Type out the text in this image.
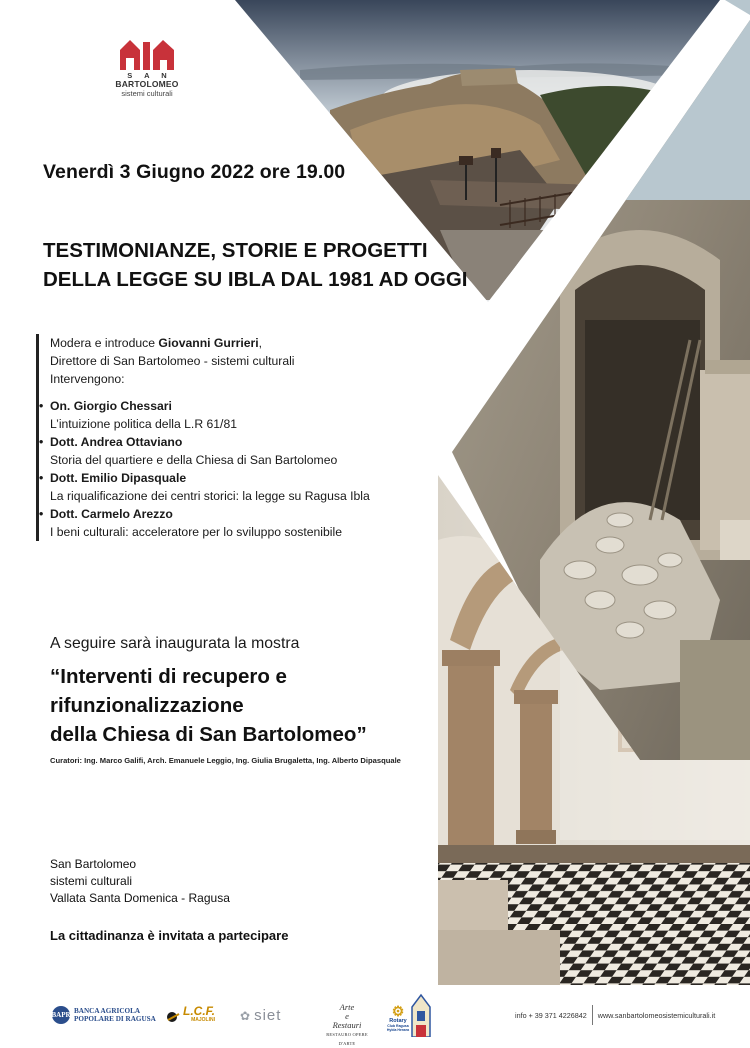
S A N
BARTOLOMEO
sistemi culturali
Venerdì 3 Giugno 2022 ore 19.00
TESTIMONIANZE, STORIE E PROGETTI
DELLA LEGGE SU IBLA DAL 1981 AD OGGI
Modera e introduce Giovanni Gurrieri,
Direttore di San Bartolomeo - sistemi culturali
Intervengono:
• On. Giorgio Chessari
L’intuizione politica della L.R 61/81
• Dott. Andrea Ottaviano
Storia del quartiere e della Chiesa di San Bartolomeo
• Dott. Emilio Dipasquale
La riqualificazione dei centri storici: la legge su Ragusa Ibla
• Dott. Carmelo Arezzo
I beni culturali: acceleratore per lo sviluppo sostenibile
A seguire sarà inaugurata la mostra
“Interventi di recupero e
rifunzionalizzazione
della Chiesa di San Bartolomeo”
Curatori: Ing. Marco Galifi, Arch. Emanuele Leggio, Ing. Giulia Brugaletta, Ing. Alberto Dipasquale
San Bartolomeo
sistemi culturali
Vallata Santa Domenica - Ragusa
La cittadinanza è invitata a partecipare
BAPR BANCA AGRICOLA
POPOLARE DI RAGUSA
L.C.F.
MAJOLINI ✿ siet	Arte
e
Restauri
RESTAURO OPERE D'ARTE
⚙
Rotary
Club Ragusa Hybla Heraea
info + 39 371 4226842 www.sanbartolomeosistemiculturali.it
